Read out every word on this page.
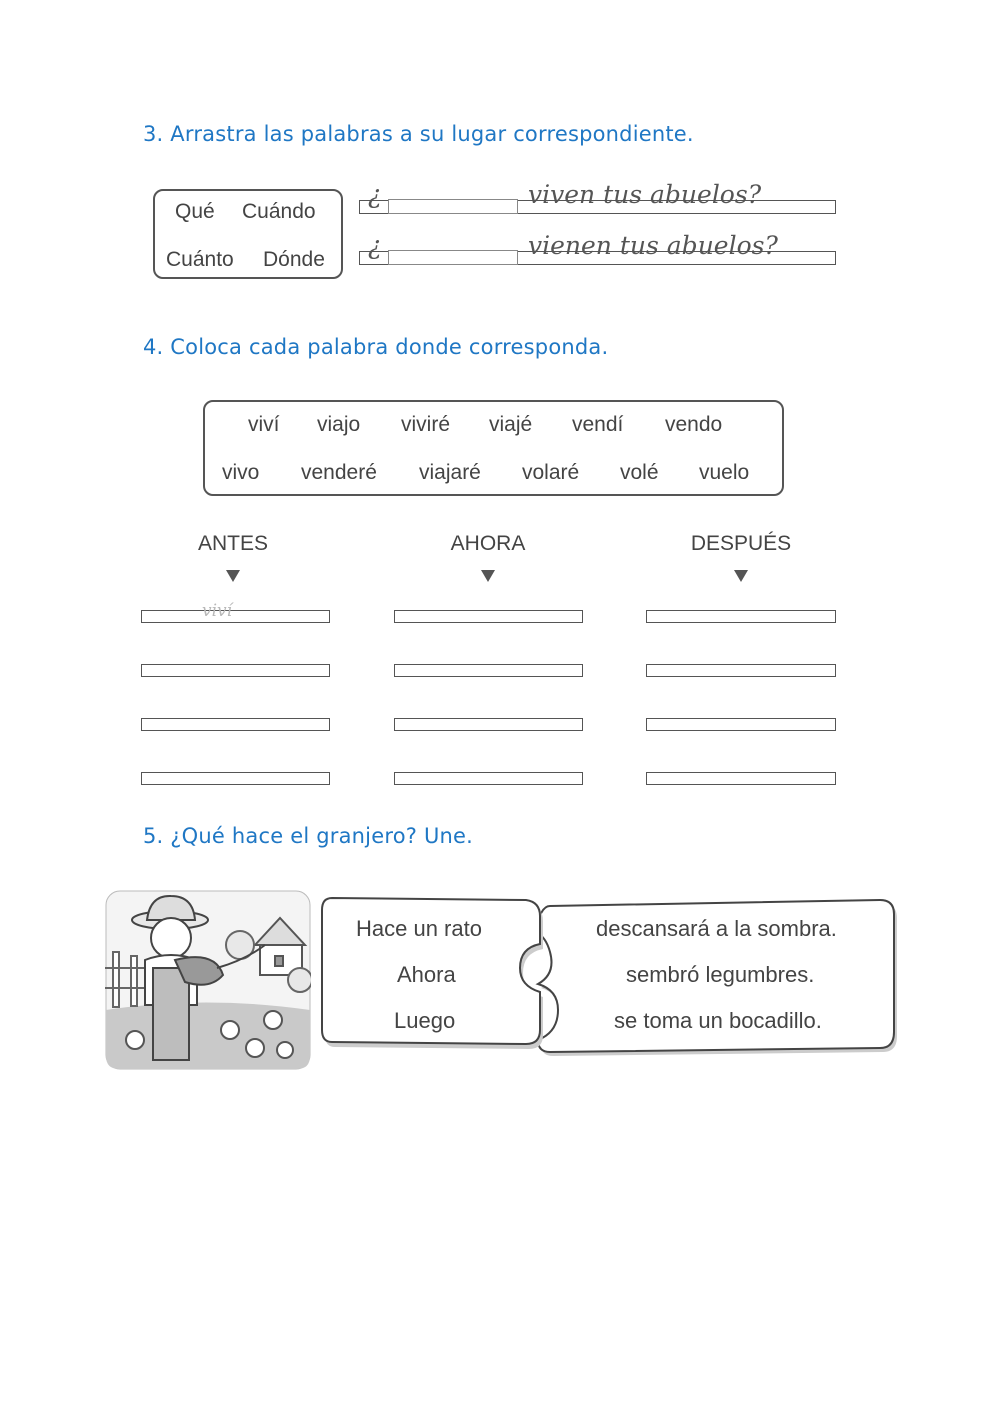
3. Arrastra las palabras a su lugar correspondiente.
Qué Cuándo
Cuánto Dónde
¿	viven tus abuelos?
¿	vienen tus abuelos?
4. Coloca cada palabra donde corresponda.
viví viajo viviré viajé vendí vendo
vivo venderé viajaré volaré volé vuelo
ANTES	AHORA	DESPUÉS
viví
5. ¿Qué hace el granjero? Une.
Hace un rato
Ahora
Luego
descansará a la sombra.
sembró legumbres.
se toma un bocadillo.
